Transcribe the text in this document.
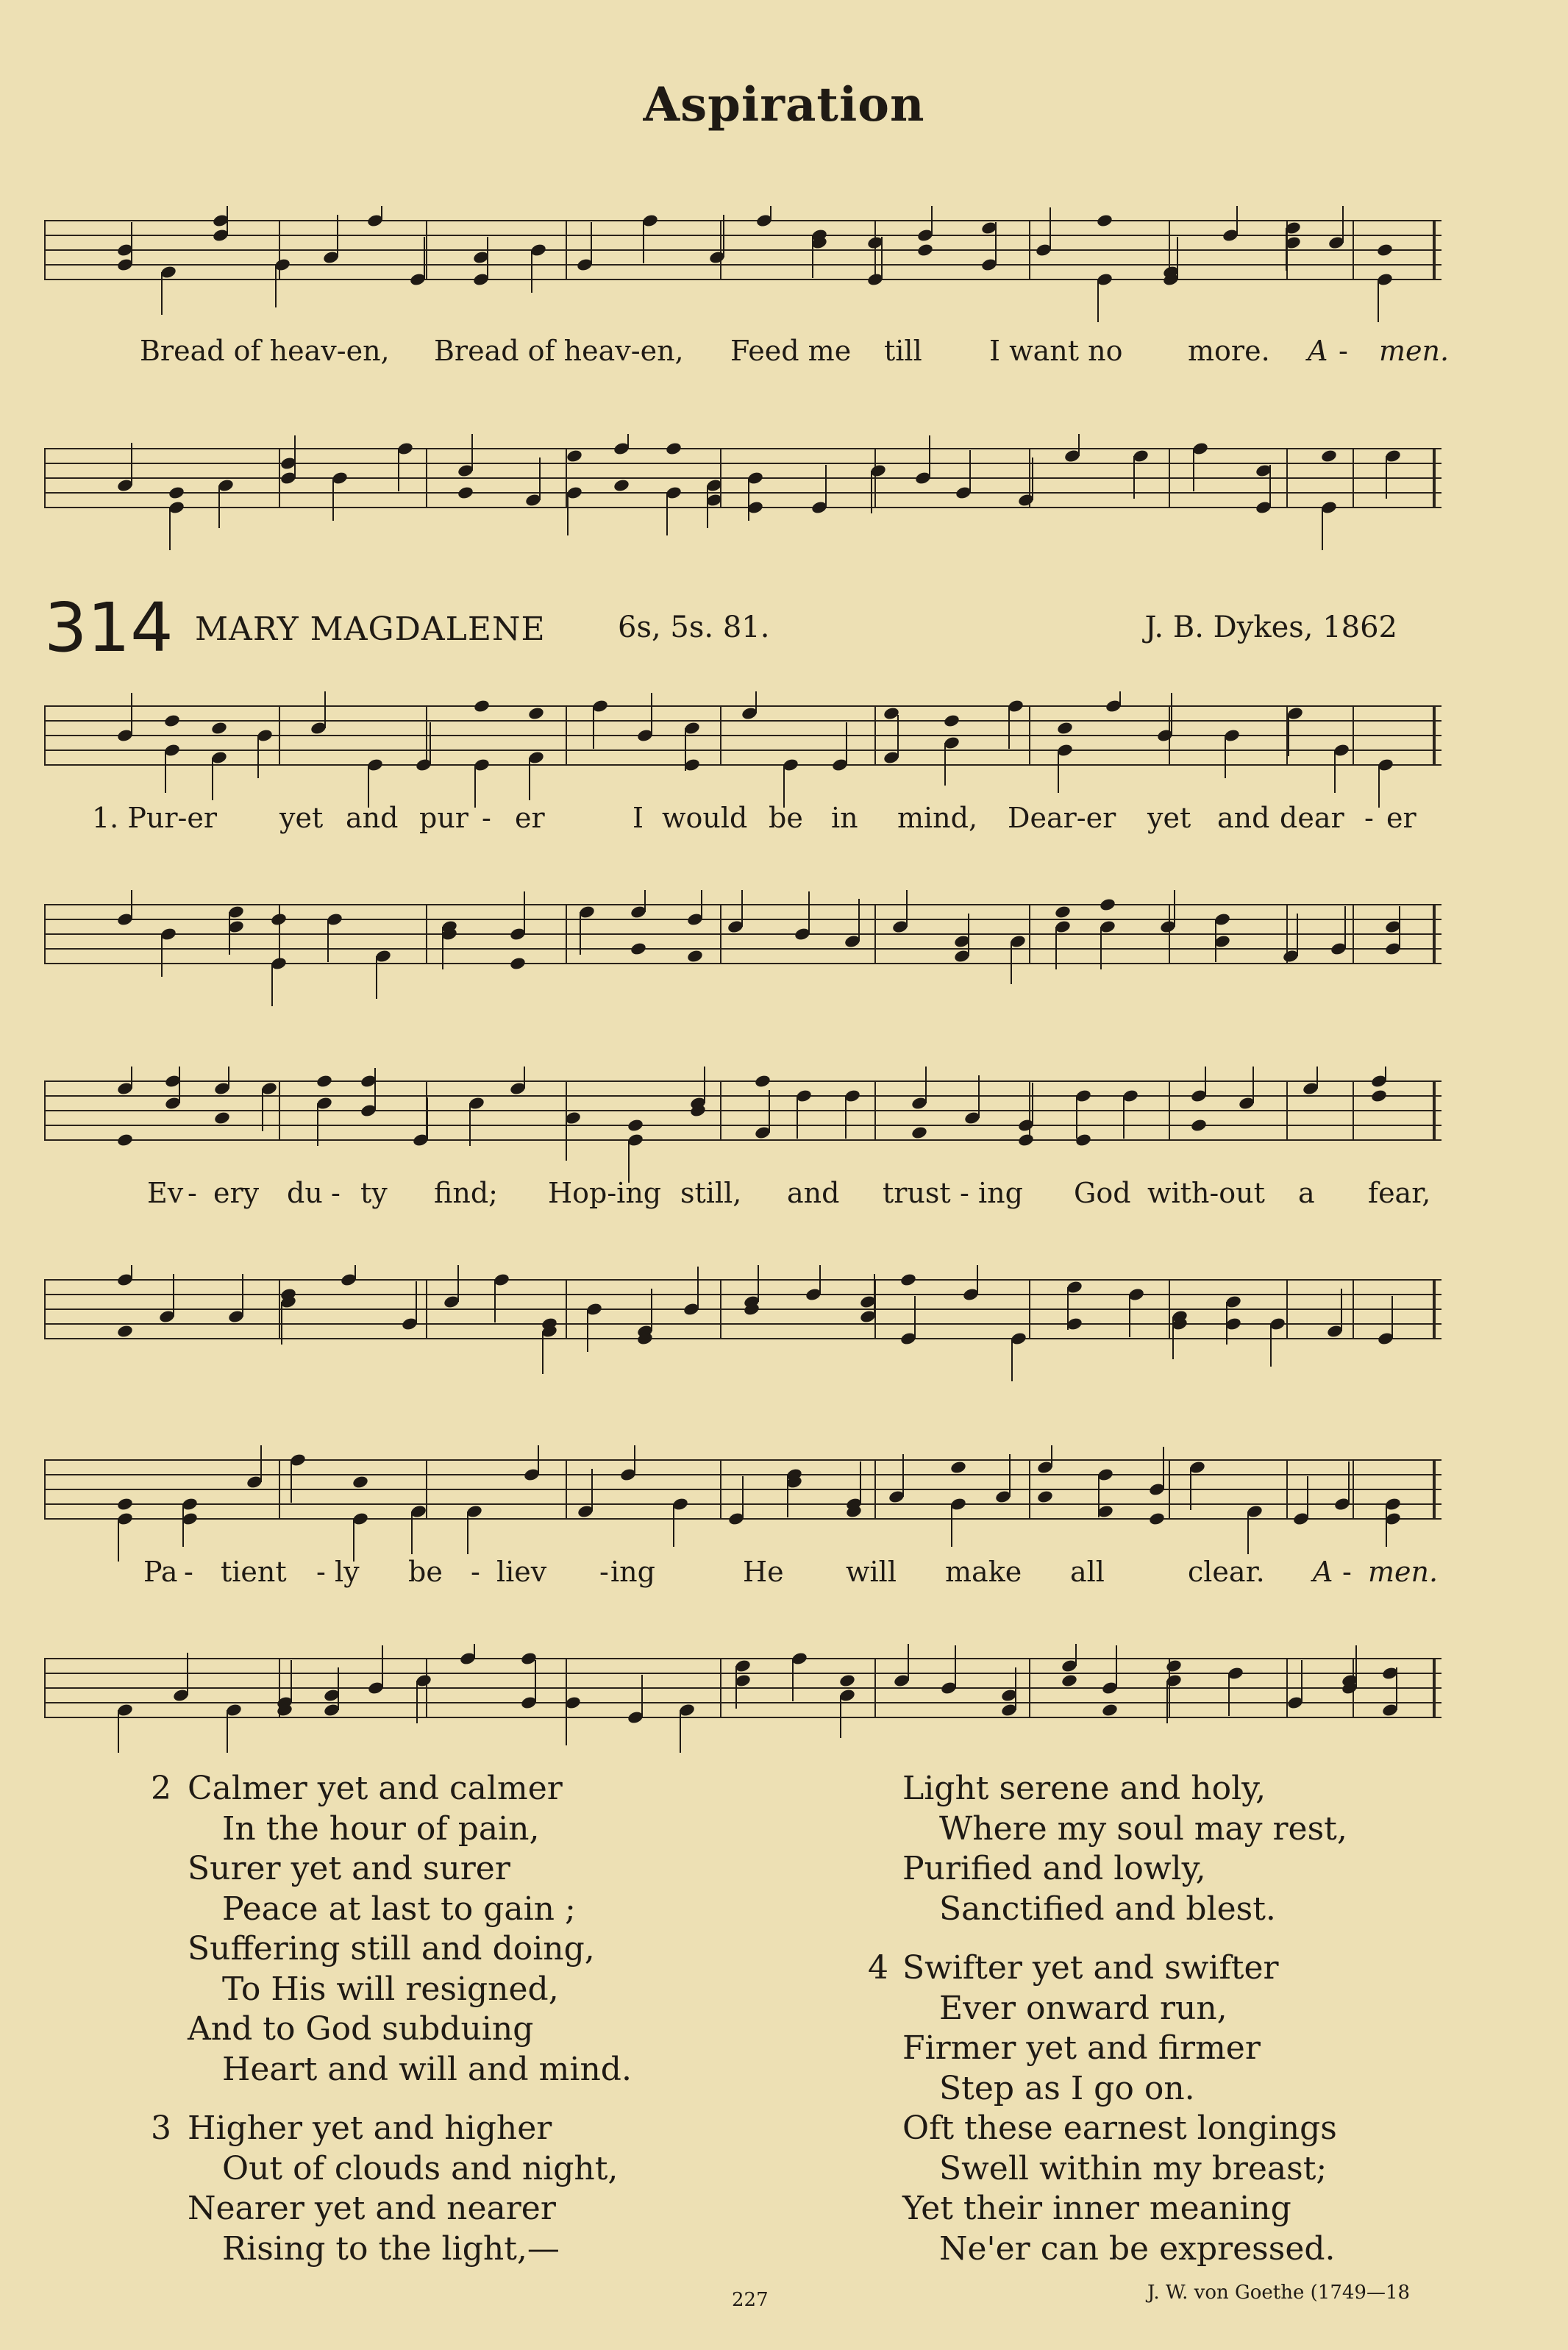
Aspiration
Bread of heav-en, Bread of heav-en, Feed me till I want no more. A - men.
314 MARY MAGDALENE 6s, 5s. 81.	J. B. Dykes, 1862
1. Pur-er yet and pur - er	I would be in mind, Dear-er yet and dear - er
Ev - ery du - ty find; Hop-ing still, and trust - ing God with-out a fear,
Pa - tient - ly be - liev - ing	He will make all	clear. A - men.
2 Calmer yet and calmer
In the hour of pain,
Surer yet and surer
Peace at last to gain ;
Suffering still and doing,
To His will resigned,
And to God subduing
Heart and will and mind.
3 Higher yet and higher
Out of clouds and night,
Nearer yet and nearer
Rising to the light,—
Light serene and holy,
Where my soul may rest,
Purified and lowly,
Sanctified and blest.
4 Swifter yet and swifter
Ever onward run,
Firmer yet and firmer
Step as I go on.
Oft these earnest longings
Swell within my breast;
Yet their inner meaning
Ne'er can be expressed.
227	J. W. von Goethe (1749—18
